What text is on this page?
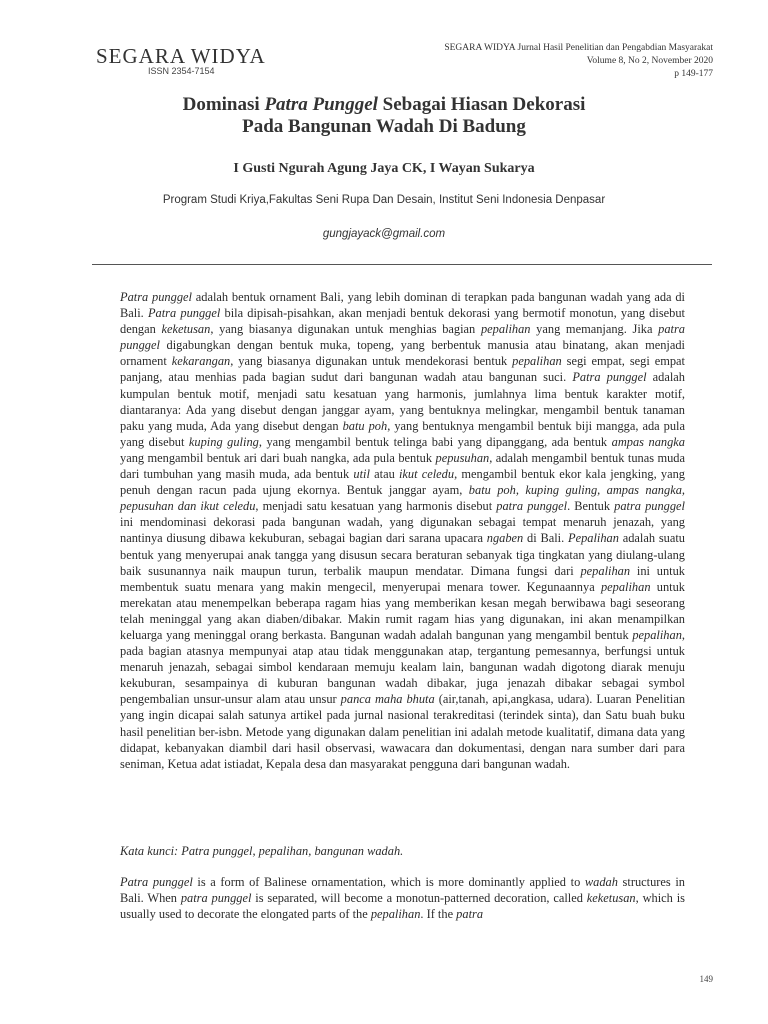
SEGARA WIDYA
ISSN 2354-7154
SEGARA WIDYA Jurnal Hasil Penelitian dan Pengabdian Masyarakat
Volume 8, No 2, November 2020
p 149-177
Dominasi Patra Punggel Sebagai Hiasan Dekorasi
Pada Bangunan Wadah Di Badung
I Gusti Ngurah Agung Jaya CK, I Wayan Sukarya
Program Studi Kriya,Fakultas Seni Rupa Dan Desain, Institut Seni Indonesia Denpasar
gungjayack@gmail.com

Patra punggel adalah bentuk ornament Bali, yang lebih dominan di terapkan pada bangunan wadah yang ada di Bali. Patra punggel bila dipisah-pisahkan, akan menjadi bentuk dekorasi yang bermotif monotun, yang disebut dengan keketusan, yang biasanya digunakan untuk menghias bagian pepalihan yang memanjang. Jika patra punggel digabungkan dengan bentuk muka, topeng, yang berbentuk manusia atau binatang, akan menjadi ornament kekarangan, yang biasanya digunakan untuk mendekorasi bentuk pepalihan segi empat, segi empat panjang, atau menhias pada bagian sudut dari bangunan wadah atau bangunan suci. Patra punggel adalah kumpulan bentuk motif, menjadi satu kesatuan yang harmonis, jumlahnya lima bentuk karakter motif, diantaranya: Ada yang disebut dengan janggar ayam, yang bentuknya melingkar, mengambil bentuk tanaman paku yang muda, Ada yang disebut dengan batu poh, yang bentuknya mengambil bentuk biji mangga, ada pula yang disebut kuping guling, yang mengambil bentuk telinga babi yang dipanggang, ada bentuk ampas nangka yang mengambil bentuk ari dari buah nangka, ada pula bentuk pepusuhan, adalah mengambil bentuk tunas muda dari tumbuhan yang masih muda, ada bentuk util atau ikut celedu, mengambil bentuk ekor kala jengking, yang penuh dengan racun pada ujung ekornya. Bentuk janggar ayam, batu poh, kuping guling, ampas nangka, pepusuhan dan ikut celedu, menjadi satu kesatuan yang harmonis disebut patra punggel. Bentuk patra punggel ini mendominasi dekorasi pada bangunan wadah, yang digunakan sebagai tempat menaruh jenazah, yang nantinya diusung dibawa kekuburan, sebagai bagian dari sarana upacara ngaben di Bali. Pepalihan adalah suatu bentuk yang menyerupai anak tangga yang disusun secara beraturan sebanyak tiga tingkatan yang diulang-ulang baik susunannya naik maupun turun, terbalik maupun mendatar. Dimana fungsi dari pepalihan ini untuk membentuk suatu menara yang makin mengecil, menyerupai menara tower. Kegunaannya pepalihan untuk merekatan atau menempelkan beberapa ragam hias yang memberikan kesan megah berwibawa bagi seseorang telah meninggal yang akan diaben/dibakar. Makin rumit ragam hias yang digunakan, ini akan menampilkan keluarga yang meninggal orang berkasta. Bangunan wadah adalah bangunan yang mengambil bentuk pepalihan, pada bagian atasnya mempunyai atap atau tidak menggunakan atap, tergantung pemesannya, berfungsi untuk menaruh jenazah, sebagai simbol kendaraan memuju kealam lain, bangunan wadah digotong diarak menuju kekuburan, sesampainya di kuburan bangunan wadah dibakar, juga jenazah dibakar sebagai symbol pengembalian unsur-unsur alam atau unsur panca maha bhuta (air,tanah, api,angkasa, udara). Luaran Penelitian yang ingin dicapai salah satunya artikel pada jurnal nasional terakreditasi (terindek sinta), dan Satu buah buku hasil penelitian ber-isbn. Metode yang digunakan dalam penelitian ini adalah metode kualitatif, dimana data yang didapat, kebanyakan diambil dari hasil observasi, wawacara dan dokumentasi, dengan nara sumber dari para seniman, Ketua adat istiadat, Kepala desa dan masyarakat pengguna dari bangunan wadah.

Kata kunci: Patra punggel, pepalihan, bangunan wadah.

Patra punggel is a form of Balinese ornamentation, which is more dominantly applied to wadah structures in Bali. When patra punggel is separated, will become a monotun-patterned decoration, called keketusan, which is usually used to decorate the elongated parts of the pepalihan. If the patra

149
